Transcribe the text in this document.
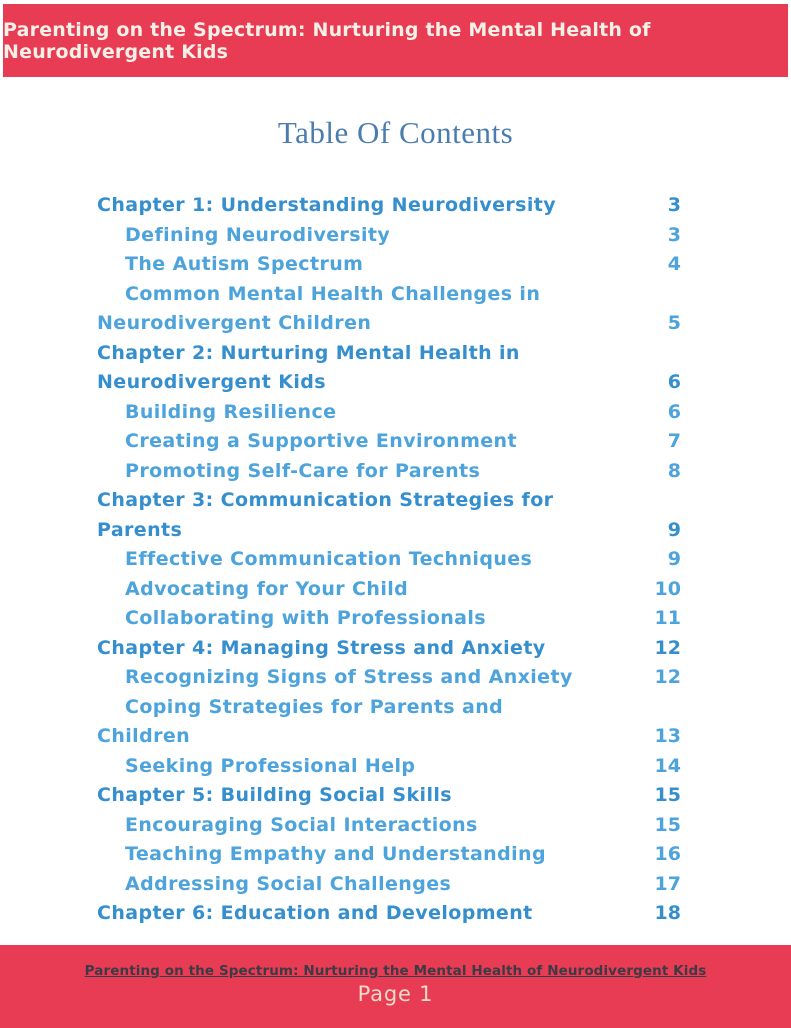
Parenting on the Spectrum: Nurturing the Mental Health of Neurodivergent Kids
Table Of Contents
Chapter 1: Understanding Neurodiversity	3
Defining Neurodiversity	3
The Autism Spectrum	4
Common Mental Health Challenges in Neurodivergent Children	5
Chapter 2: Nurturing Mental Health in Neurodivergent Kids	6
Building Resilience	6
Creating a Supportive Environment	7
Promoting Self-Care for Parents	8
Chapter 3: Communication Strategies for Parents	9
Effective Communication Techniques	9
Advocating for Your Child	10
Collaborating with Professionals	11
Chapter 4: Managing Stress and Anxiety	12
Recognizing Signs of Stress and Anxiety	12
Coping Strategies for Parents and Children	13
Seeking Professional Help	14
Chapter 5: Building Social Skills	15
Encouraging Social Interactions	15
Teaching Empathy and Understanding	16
Addressing Social Challenges	17
Chapter 6: Education and Development	18
Parenting on the Spectrum: Nurturing the Mental Health of Neurodivergent Kids
Page 1
